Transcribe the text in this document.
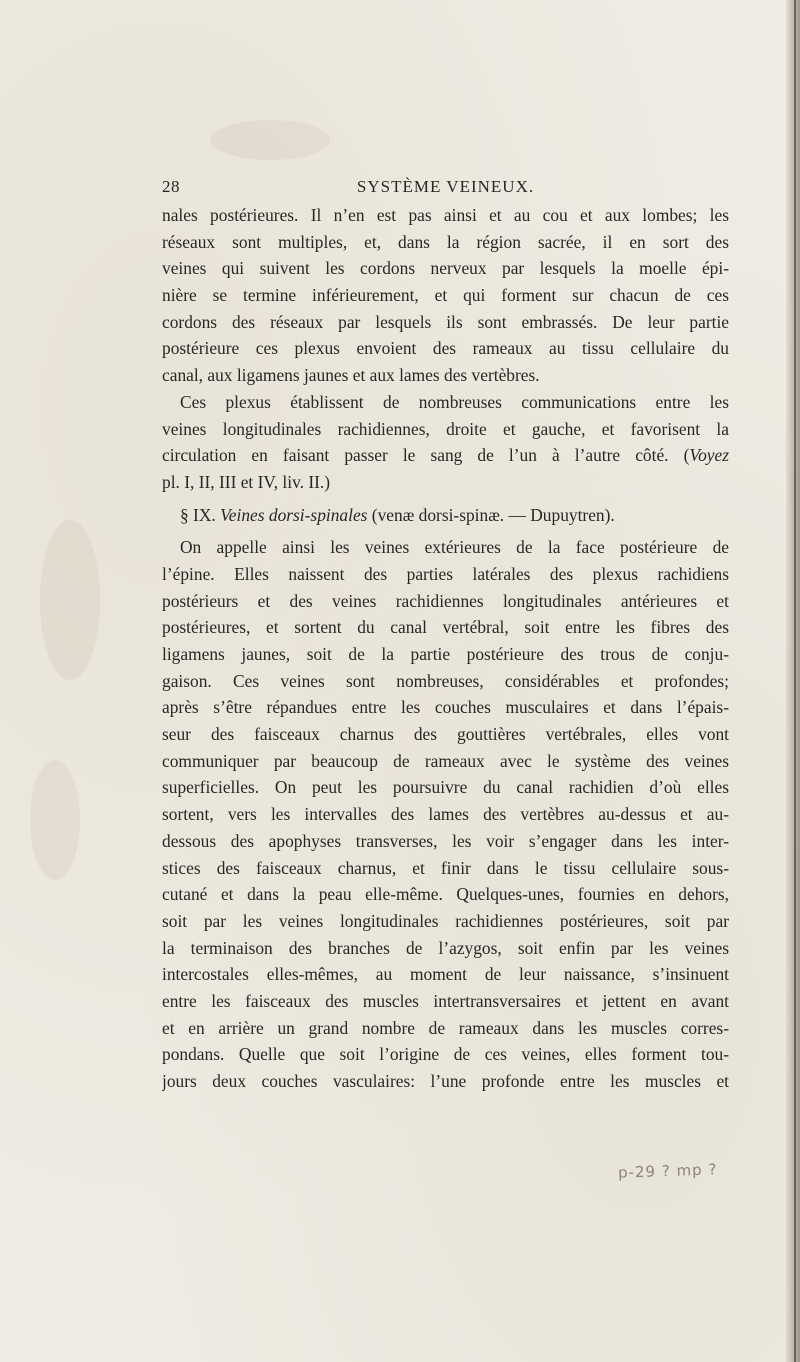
28	SYSTÈME VEINEUX.
nales postérieures. Il n’en est pas ainsi et au cou et aux lombes; les
réseaux sont multiples, et, dans la région sacrée, il en sort des
veines qui suivent les cordons nerveux par lesquels la moelle épi-
nière se termine inférieurement, et qui forment sur chacun de ces
cordons des réseaux par lesquels ils sont embrassés. De leur partie
postérieure ces plexus envoient des rameaux au tissu cellulaire du
canal, aux ligamens jaunes et aux lames des vertèbres.
Ces plexus établissent de nombreuses communications entre les
veines longitudinales rachidiennes, droite et gauche, et favorisent la
circulation en faisant passer le sang de l’un à l’autre côté. (Voyez
pl. I, II, III et IV, liv. II.)
§ IX. Veines dorsi-spinales (venæ dorsi-spinæ. — Dupuytren).
On appelle ainsi les veines extérieures de la face postérieure de
l’épine. Elles naissent des parties latérales des plexus rachidiens
postérieurs et des veines rachidiennes longitudinales antérieures et
postérieures, et sortent du canal vertébral, soit entre les fibres des
ligamens jaunes, soit de la partie postérieure des trous de conju-
gaison. Ces veines sont nombreuses, considérables et profondes;
après s’être répandues entre les couches musculaires et dans l’épais-
seur des faisceaux charnus des gouttières vertébrales, elles vont
communiquer par beaucoup de rameaux avec le système des veines
superficielles. On peut les poursuivre du canal rachidien d’où elles
sortent, vers les intervalles des lames des vertèbres au-dessus et au-
dessous des apophyses transverses, les voir s’engager dans les inter-
stices des faisceaux charnus, et finir dans le tissu cellulaire sous-
cutané et dans la peau elle-même. Quelques-unes, fournies en dehors,
soit par les veines longitudinales rachidiennes postérieures, soit par
la terminaison des branches de l’azygos, soit enfin par les veines
intercostales elles-mêmes, au moment de leur naissance, s’insinuent
entre les faisceaux des muscles intertransversaires et jettent en avant
et en arrière un grand nombre de rameaux dans les muscles corres-
pondans. Quelle que soit l’origine de ces veines, elles forment tou-
jours deux couches vasculaires: l’une profonde entre les muscles et
p-29 ? mp ?
